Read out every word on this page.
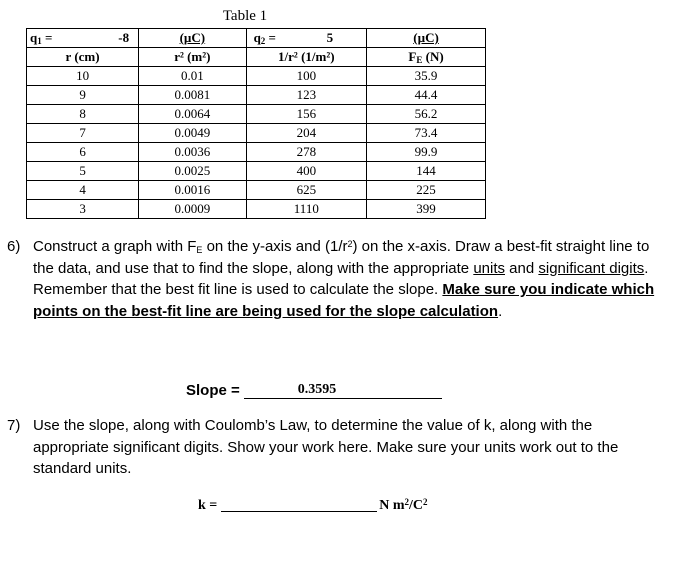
Table 1
$q_1 = -8$	(µC)	$q_2 = 5$	(µC)
r (cm)	r² (m²)	1/r² (1/m²)	$F_E$ (N)
10	0.01	100	35.9
9	0.0081	123	44.4
8	0.0064	156	56.2
7	0.0049	204	73.4
6	0.0036	278	99.9
5	0.0025	400	144
4	0.0016	625	225
3	0.0009	1110	399
6) Construct a graph with $F_E$ on the y-axis and $(1/r^2)$ on the x-axis. Draw a best-fit straight line to the data, and use that to find the slope, along with the appropriate units and significant digits. Remember that the best fit line is used to calculate the slope. Make sure you indicate which points on the best-fit line are being used for the slope calculation.
Slope =	0.3595
7) Use the slope, along with Coulomb’s Law, to determine the value of k, along with the appropriate significant digits. Show your work here. Make sure your units work out to the standard units.
k =	N $m^2/C^2$
